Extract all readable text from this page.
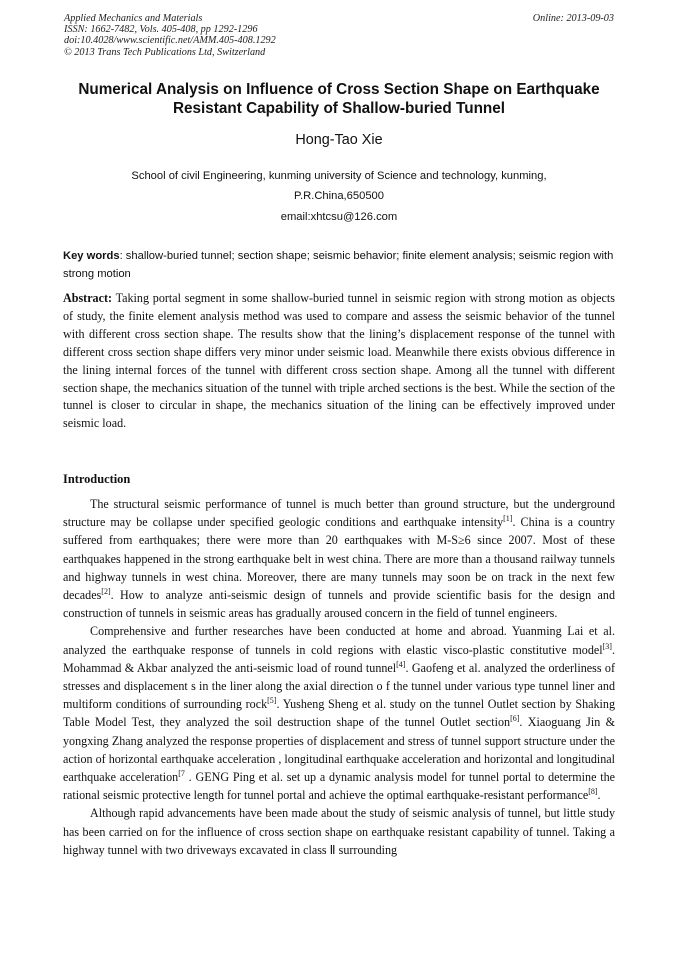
Applied Mechanics and Materials
ISSN: 1662-7482, Vols. 405-408, pp 1292-1296
doi:10.4028/www.scientific.net/AMM.405-408.1292
© 2013 Trans Tech Publications Ltd, Switzerland
Online: 2013-09-03
Numerical Analysis on Influence of Cross Section Shape on Earthquake
Resistant Capability of Shallow-buried Tunnel
Hong-Tao Xie
School of civil Engineering, kunming university of Science and technology, kunming,
P.R.China,650500
email:xhtcsu@126.com
Key words: shallow-buried tunnel; section shape; seismic behavior; finite element analysis; seismic region with strong motion
Abstract: Taking portal segment in some shallow-buried tunnel in seismic region with strong motion as objects of study, the finite element analysis method was used to compare and assess the seismic behavior of the tunnel with different cross section shape. The results show that the lining’s displacement response of the tunnel with different cross section shape differs very minor under seismic load. Meanwhile there exists obvious difference in the lining internal forces of the tunnel with different cross section shape. Among all the tunnel with different section shape, the mechanics situation of the tunnel with triple arched sections is the best. While the section of the tunnel is closer to circular in shape, the mechanics situation of the lining can be effectively improved under seismic load.
Introduction

The structural seismic performance of tunnel is much better than ground structure, but the underground structure may be collapse under specified geologic conditions and earthquake intensity[1]. China is a country suffered from earthquakes; there were more than 20 earthquakes with M-S≥6 since 2007. Most of these earthquakes happened in the strong earthquake belt in west china. There are more than a thousand railway tunnels and highway tunnels in west china. Moreover, there are many tunnels may soon be on track in the next few decades[2]. How to analyze anti-seismic design of tunnels and provide scientific basis for the design and construction of tunnels in seismic areas has gradually aroused concern in the field of tunnel engineers.

Comprehensive and further researches have been conducted at home and abroad. Yuanming Lai et al. analyzed the earthquake response of tunnels in cold regions with elastic visco-plastic constitutive model[3]. Mohammad & Akbar analyzed the anti-seismic load of round tunnel[4]. Gaofeng et al. analyzed the orderliness of stresses and displacement s in the liner along the axial direction o f the tunnel under various type tunnel liner and multiform conditions of surrounding rock[5]. Yusheng Sheng et al. study on the tunnel Outlet section by Shaking Table Model Test, they analyzed the soil destruction shape of the tunnel Outlet section[6]. Xiaoguang Jin & yongxing Zhang analyzed the response properties of displacement and stress of tunnel support structure under the action of horizontal earthquake acceleration , longitudinal earthquake acceleration and horizontal and longitudinal earthquake acceleration$^{[7}$ . GENG Ping et al. set up a dynamic analysis model for tunnel portal to determine the rational seismic protective length for tunnel portal and achieve the optimal earthquake-resistant performance[8].

Although rapid advancements have been made about the study of seismic analysis of tunnel, but little study has been carried on for the influence of cross section shape on earthquake resistant capability of tunnel. Taking a highway tunnel with two driveways excavated in class Ⅱ surrounding
